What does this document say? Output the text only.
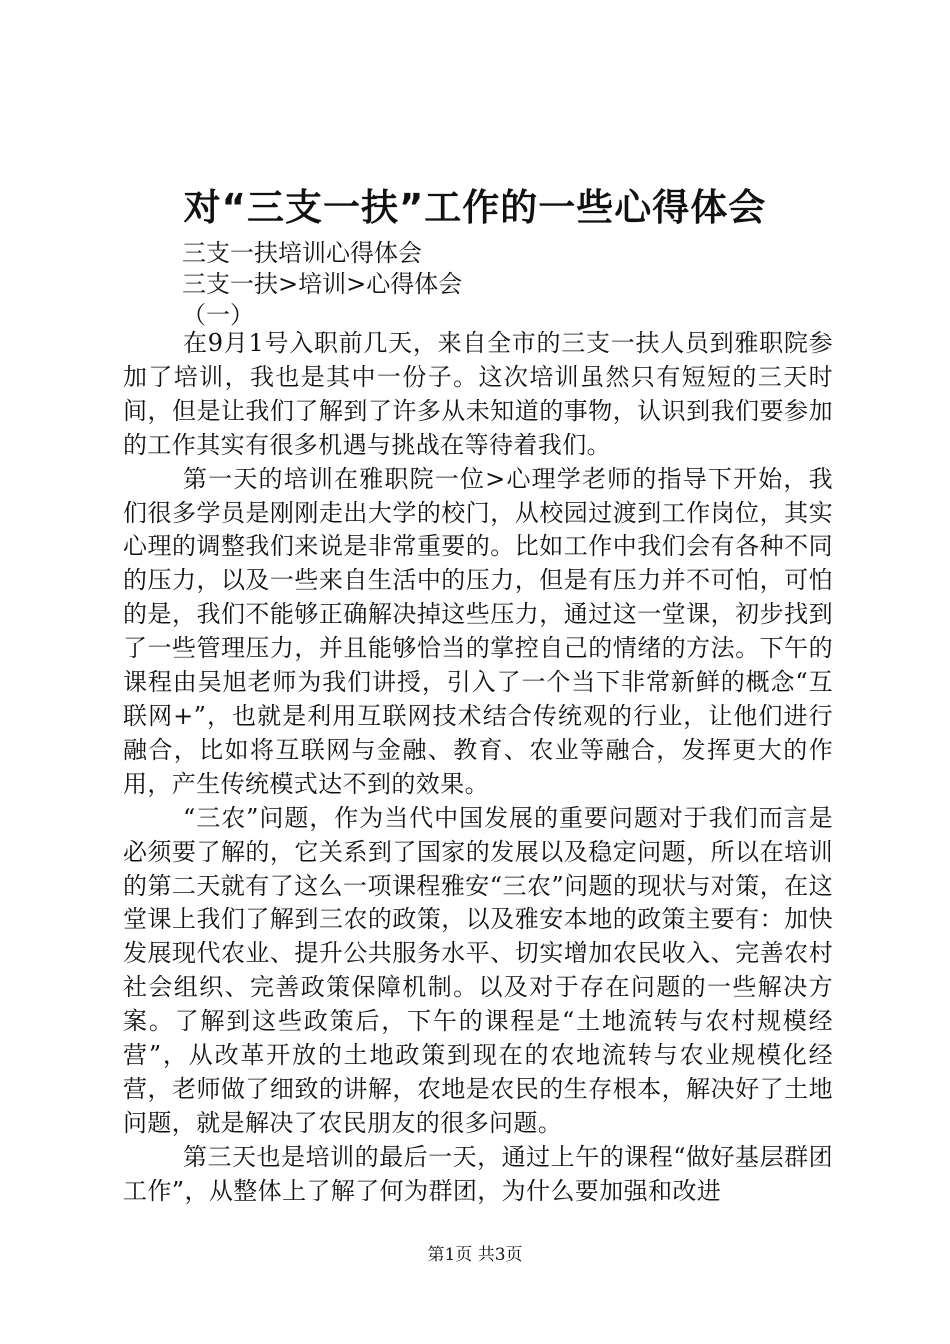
对“三支一扶”工作的一些心得体会
三支一扶培训心得体会
三支一扶>培训>心得体会
（一）

在9月1号入职前几天，来自全市的三支一扶人员到雅职院参加了培训，我也是其中一份子。这次培训虽然只有短短的三天时间，但是让我们了解到了许多从未知道的事物，认识到我们要参加的工作其实有很多机遇与挑战在等待着我们。

第一天的培训在雅职院一位>心理学老师的指导下开始，我们很多学员是刚刚走出大学的校门，从校园过渡到工作岗位，其实心理的调整我们来说是非常重要的。比如工作中我们会有各种不同的压力，以及一些来自生活中的压力，但是有压力并不可怕，可怕的是，我们不能够正确解决掉这些压力，通过这一堂课，初步找到了一些管理压力，并且能够恰当的掌控自己的情绪的方法。下午的课程由吴旭老师为我们讲授，引入了一个当下非常新鲜的概念“互联网+”，也就是利用互联网技术结合传统观的行业，让他们进行融合，比如将互联网与金融、教育、农业等融合，发挥更大的作用，产生传统模式达不到的效果。

“三农”问题，作为当代中国发展的重要问题对于我们而言是必须要了解的，它关系到了国家的发展以及稳定问题，所以在培训的第二天就有了这么一项课程雅安“三农”问题的现状与对策，在这堂课上我们了解到三农的政策，以及雅安本地的政策主要有：加快发展现代农业、提升公共服务水平、切实增加农民收入、完善农村社会组织、完善政策保障机制。以及对于存在问题的一些解决方案。了解到这些政策后，下午的课程是“土地流转与农村规模经营”，从改革开放的土地政策到现在的农地流转与农业规模化经营，老师做了细致的讲解，农地是农民的生存根本，解决好了土地问题，就是解决了农民朋友的很多问题。

第三天也是培训的最后一天，通过上午的课程“做好基层群团工作”，从整体上了解了何为群团，为什么要加强和改进

第1页 共3页
